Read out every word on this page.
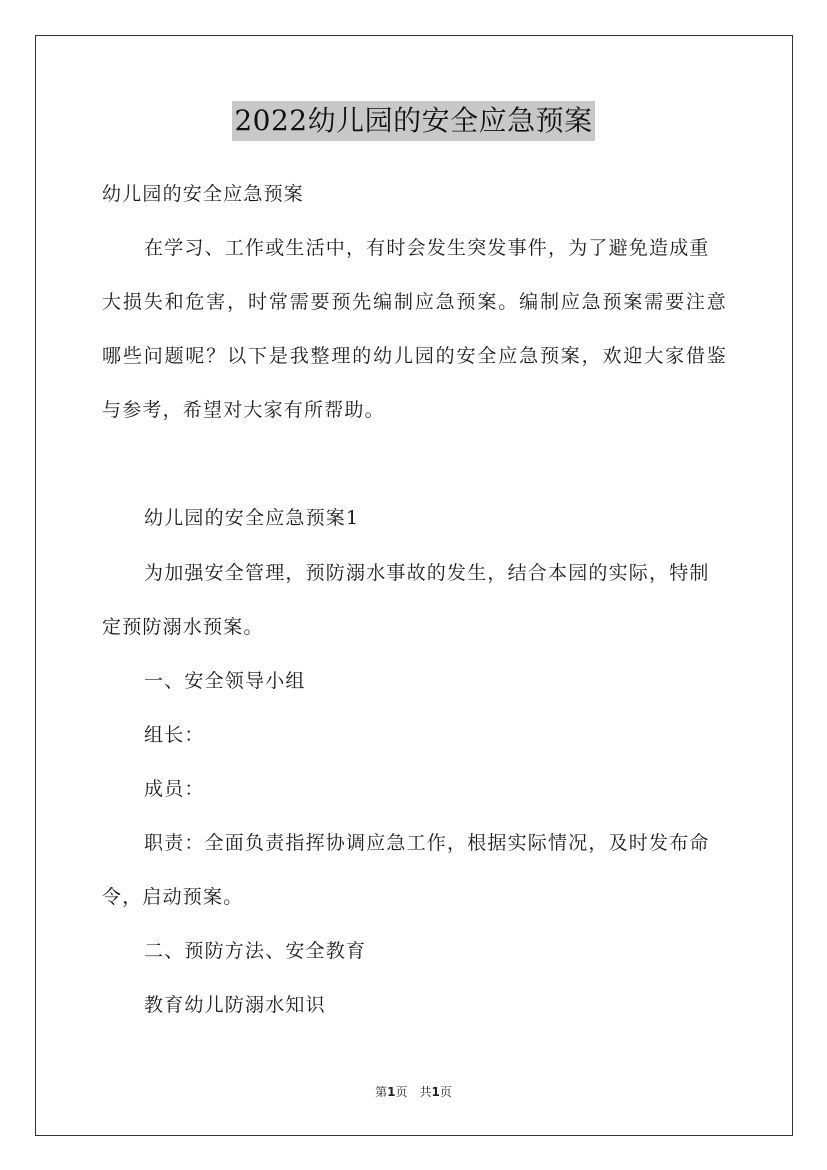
2022幼儿园的安全应急预案
幼儿园的安全应急预案
在学习、工作或生活中，有时会发生突发事件，为了避免造成重
大损失和危害，时常需要预先编制应急预案。编制应急预案需要注意
哪些问题呢？以下是我整理的幼儿园的安全应急预案，欢迎大家借鉴
与参考，希望对大家有所帮助。
幼儿园的安全应急预案1
为加强安全管理，预防溺水事故的发生，结合本园的实际，特制
定预防溺水预案。
一、安全领导小组
组长：
成员：
职责：全面负责指挥协调应急工作，根据实际情况，及时发布命
令，启动预案。
二、预防方法、安全教育
教育幼儿防溺水知识
第1页 共1页
